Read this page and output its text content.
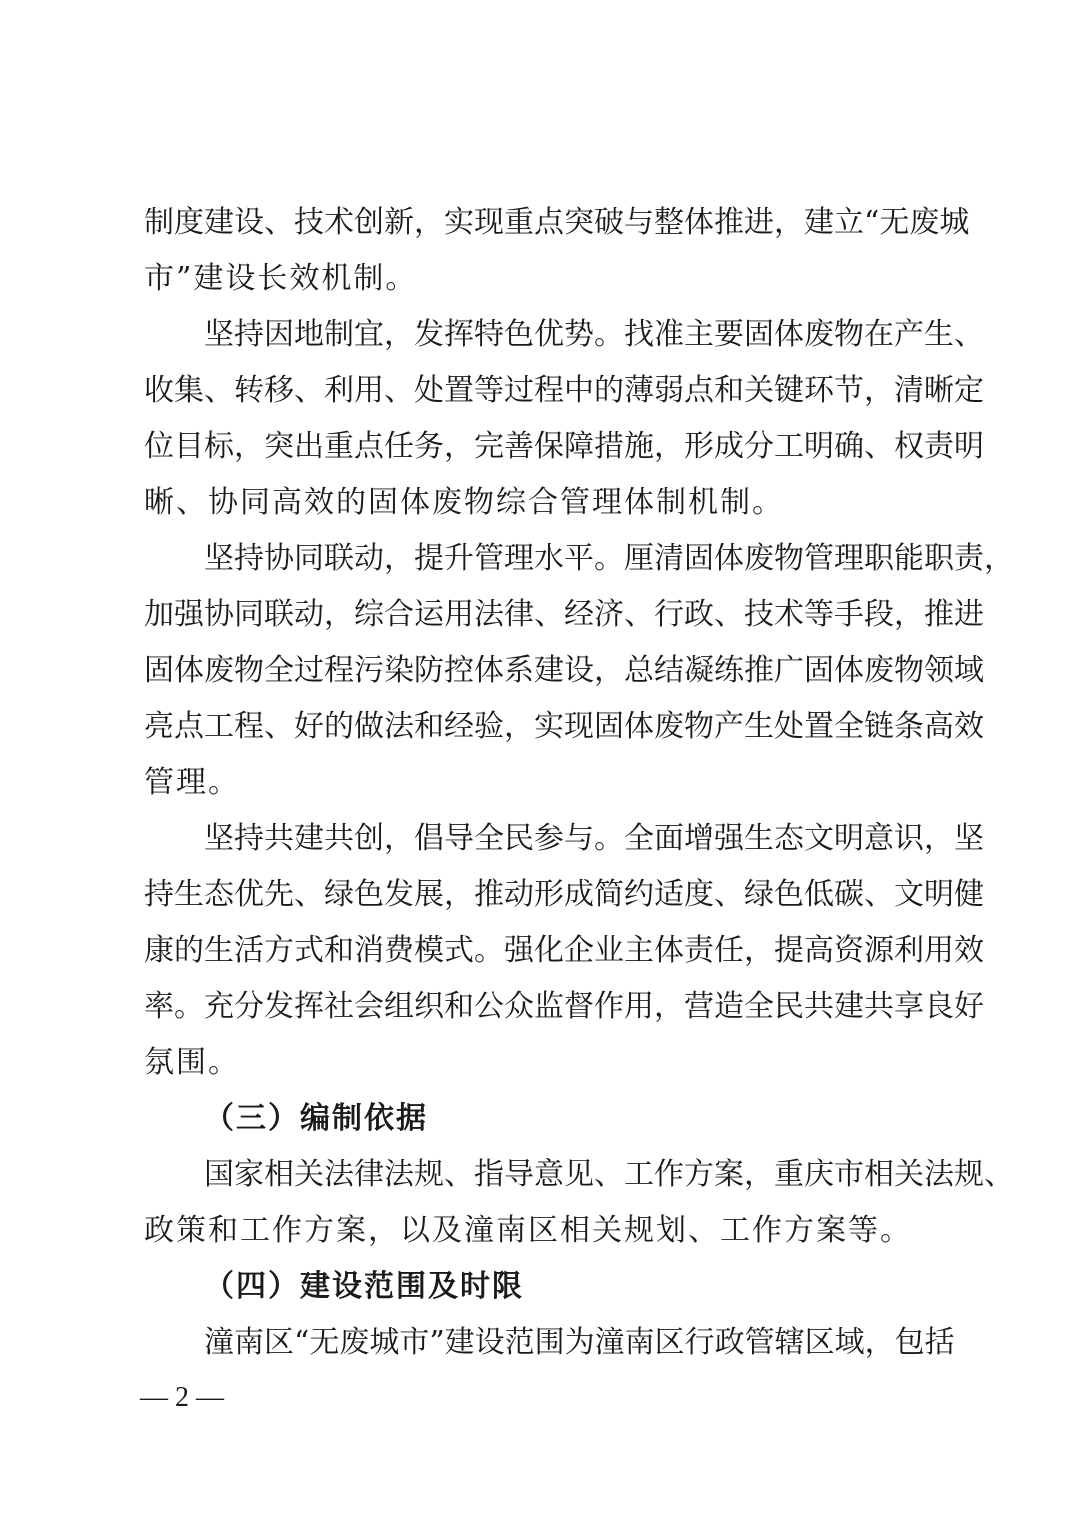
制度建设、技术创新，实现重点突破与整体推进，建立“无废城
市”建设长效机制。
坚持因地制宜，发挥特色优势。找准主要固体废物在产生、
收集、转移、利用、处置等过程中的薄弱点和关键环节，清晰定
位目标，突出重点任务，完善保障措施，形成分工明确、权责明
晰、协同高效的固体废物综合管理体制机制。
坚持协同联动，提升管理水平。厘清固体废物管理职能职责，
加强协同联动，综合运用法律、经济、行政、技术等手段，推进
固体废物全过程污染防控体系建设，总结凝练推广固体废物领域
亮点工程、好的做法和经验，实现固体废物产生处置全链条高效
管理。
坚持共建共创，倡导全民参与。全面增强生态文明意识，坚
持生态优先、绿色发展，推动形成简约适度、绿色低碳、文明健
康的生活方式和消费模式。强化企业主体责任，提高资源利用效
率。充分发挥社会组织和公众监督作用，营造全民共建共享良好
氛围。
（三）编制依据
国家相关法律法规、指导意见、工作方案，重庆市相关法规、
政策和工作方案，以及潼南区相关规划、工作方案等。
（四）建设范围及时限
潼南区“无废城市”建设范围为潼南区行政管辖区域，包括
— 2 —
